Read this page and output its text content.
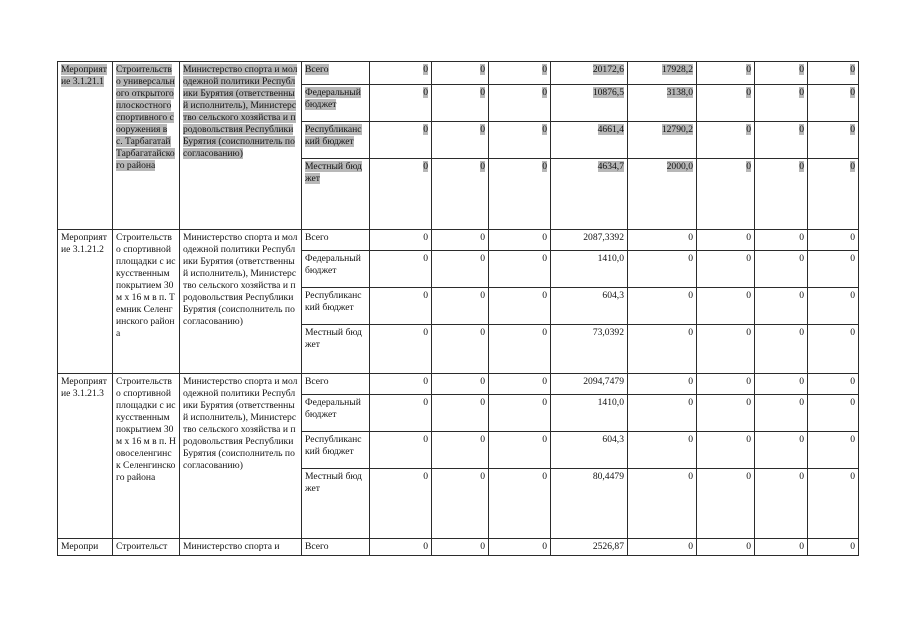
Мероприятие 3.1.21.1	Строительство универсального открытого плоскостного спортивного сооружения в с. Тарбагатай Тарбагатайского района	Министерство спорта и молодежной политики Республики Бурятия (ответственный исполнитель), Министерство сельского хозяйства и продовольствия Республики Бурятия (соисполнитель по согласованию)	Всего	0	0	0	20172,6	17928,2	0	0	0
			Федеральный бюджет	0	0	0	10876,5	3138,0	0	0	0
			Республиканский бюджет	0	0	0	4661,4	12790,2	0	0	0
			Местный бюджет	0	0	0	4634,7	2000,0	0	0	0
Мероприятие 3.1.21.2	Строительство спортивной площадки с искусственным покрытием 30 м х 16 м в п. Темник Селенгинского района	Министерство спорта и молодежной политики Республики Бурятия (ответственный исполнитель), Министерство сельского хозяйства и продовольствия Республики Бурятия (соисполнитель по согласованию)	Всего	0	0	0	2087,3392	0	0	0	0
			Федеральный бюджет	0	0	0	1410,0	0	0	0	0
			Республиканский бюджет	0	0	0	604,3	0	0	0	0
			Местный бюджет	0	0	0	73,0392	0	0	0	0
Мероприятие 3.1.21.3	Строительство спортивной площадки с искусственным покрытием 30 м х 16 м в п. Новоселенгинск Селенгинского района	Министерство спорта и молодежной политики Республики Бурятия (ответственный исполнитель), Министерство сельского хозяйства и продовольствия Республики Бурятия (соисполнитель по согласованию)	Всего	0	0	0	2094,7479	0	0	0	0
			Федеральный бюджет	0	0	0	1410,0	0	0	0	0
			Республиканский бюджет	0	0	0	604,3	0	0	0	0
			Местный бюджет	0	0	0	80,4479	0	0	0	0
Меропри	Строительст	Министерство спорта и	Всего	0	0	0	2526,87	0	0	0	0
